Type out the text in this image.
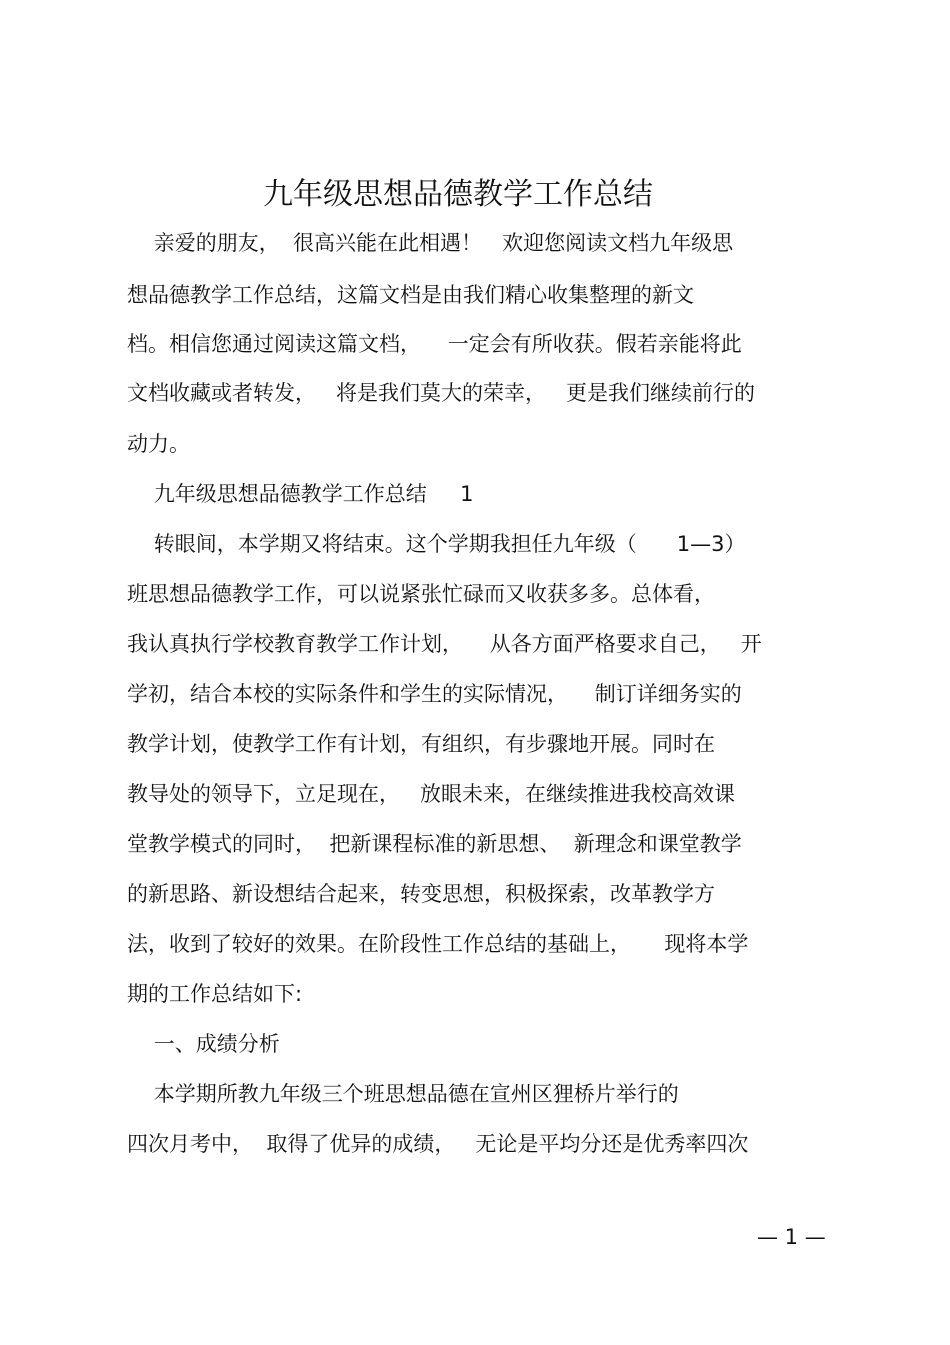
九年级思想品德教学工作总结
亲爱的朋友，  很高兴能在此相遇！   欢迎您阅读文档九年级思
想品德教学工作总结，这篇文档是由我们精心收集整理的新文
档。相信您通过阅读这篇文档，    一定会有所收获。假若亲能将此
文档收藏或者转发，   将是我们莫大的荣幸，   更是我们继续前行的
动力。
九年级思想品德教学工作总结     1
转眼间，本学期又将结束。这个学期我担任九年级（      1—3）
班思想品德教学工作，可以说紧张忙碌而又收获多多。总体看，
我认真执行学校教育教学工作计划，    从各方面严格要求自己，   开
学初，结合本校的实际条件和学生的实际情况，    制订详细务实的
教学计划，使教学工作有计划，有组织，有步骤地开展。同时在
教导处的领导下，立足现在，   放眼未来，在继续推进我校高效课
堂教学模式的同时，  把新课程标准的新思想、  新理念和课堂教学
的新思路、新设想结合起来，转变思想，积极探索，改革教学方
法，收到了较好的效果。在阶段性工作总结的基础上，     现将本学
期的工作总结如下:
一、成绩分析
本学期所教九年级三个班思想品德在宣州区狸桥片举行的
四次月考中，  取得了优异的成绩，   无论是平均分还是优秀率四次
— 1 —
